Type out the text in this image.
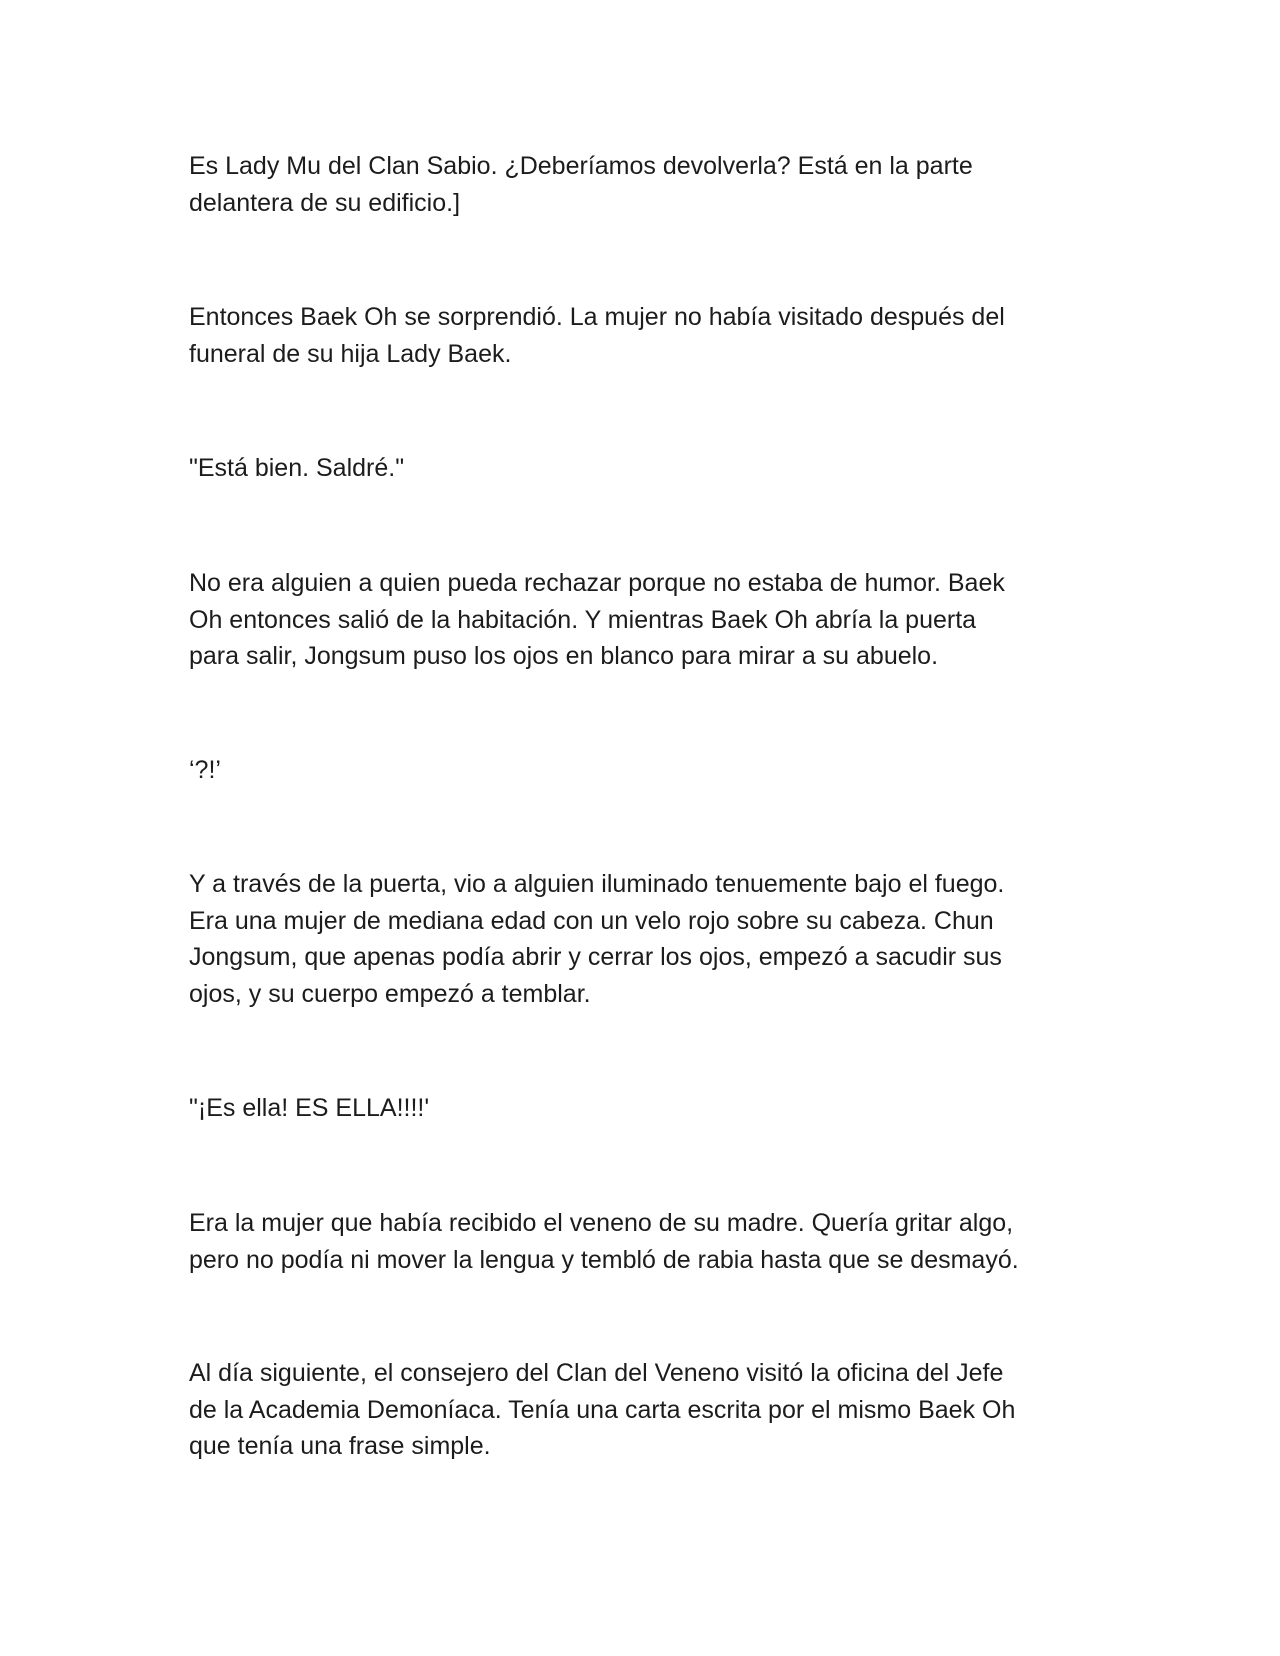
Es Lady Mu del Clan Sabio. ¿Deberíamos devolverla? Está en la parte
delantera de su edificio.]

Entonces Baek Oh se sorprendió. La mujer no había visitado después del
funeral de su hija Lady Baek.

"Está bien. Saldré."

No era alguien a quien pueda rechazar porque no estaba de humor. Baek
Oh entonces salió de la habitación. Y mientras Baek Oh abría la puerta
para salir, Jongsum puso los ojos en blanco para mirar a su abuelo.

‘?!’

Y a través de la puerta, vio a alguien iluminado tenuemente bajo el fuego.
Era una mujer de mediana edad con un velo rojo sobre su cabeza. Chun
Jongsum, que apenas podía abrir y cerrar los ojos, empezó a sacudir sus
ojos, y su cuerpo empezó a temblar.

"¡Es ella! ES ELLA!!!!'

Era la mujer que había recibido el veneno de su madre. Quería gritar algo,
pero no podía ni mover la lengua y tembló de rabia hasta que se desmayó.

Al día siguiente, el consejero del Clan del Veneno visitó la oficina del Jefe
de la Academia Demoníaca. Tenía una carta escrita por el mismo Baek Oh
que tenía una frase simple.
